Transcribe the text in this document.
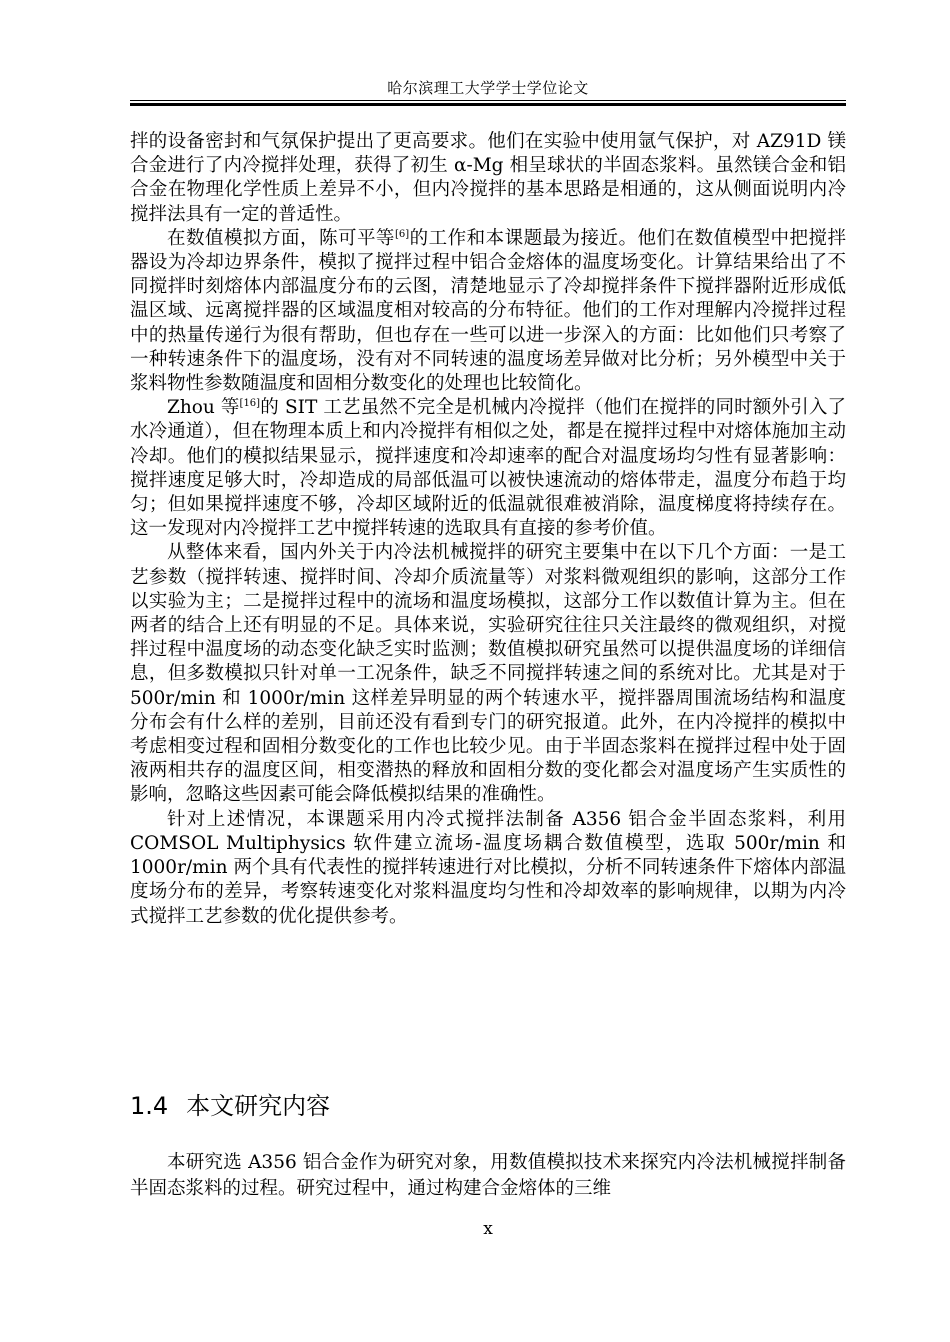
哈尔滨理工大学学士学位论文

拌的设备密封和气氛保护提出了更高要求。他们在实验中使用氩气保护，对 AZ91D 镁合金进行了内冷搅拌处理，获得了初生 α-Mg 相呈球状的半固态浆料。虽然镁合金和铝合金在物理化学性质上差异不小，但内冷搅拌的基本思路是相通的，这从侧面说明内冷搅拌法具有一定的普适性。

在数值模拟方面，陈可平等[6]的工作和本课题最为接近。他们在数值模型中把搅拌器设为冷却边界条件，模拟了搅拌过程中铝合金熔体的温度场变化。计算结果给出了不同搅拌时刻熔体内部温度分布的云图，清楚地显示了冷却搅拌条件下搅拌器附近形成低温区域、远离搅拌器的区域温度相对较高的分布特征。他们的工作对理解内冷搅拌过程中的热量传递行为很有帮助，但也存在一些可以进一步深入的方面：比如他们只考察了一种转速条件下的温度场，没有对不同转速的温度场差异做对比分析；另外模型中关于浆料物性参数随温度和固相分数变化的处理也比较简化。

Zhou 等[16]的 SIT 工艺虽然不完全是机械内冷搅拌（他们在搅拌的同时额外引入了水冷通道），但在物理本质上和内冷搅拌有相似之处，都是在搅拌过程中对熔体施加主动冷却。他们的模拟结果显示，搅拌速度和冷却速率的配合对温度场均匀性有显著影响：搅拌速度足够大时，冷却造成的局部低温可以被快速流动的熔体带走，温度分布趋于均匀；但如果搅拌速度不够，冷却区域附近的低温就很难被消除，温度梯度将持续存在。这一发现对内冷搅拌工艺中搅拌转速的选取具有直接的参考价值。

从整体来看，国内外关于内冷法机械搅拌的研究主要集中在以下几个方面：一是工艺参数（搅拌转速、搅拌时间、冷却介质流量等）对浆料微观组织的影响，这部分工作以实验为主；二是搅拌过程中的流场和温度场模拟，这部分工作以数值计算为主。但在两者的结合上还有明显的不足。具体来说，实验研究往往只关注最终的微观组织，对搅拌过程中温度场的动态变化缺乏实时监测；数值模拟研究虽然可以提供温度场的详细信息，但多数模拟只针对单一工况条件，缺乏不同搅拌转速之间的系统对比。尤其是对于 500r/min 和 1000r/min 这样差异明显的两个转速水平，搅拌器周围流场结构和温度分布会有什么样的差别，目前还没有看到专门的研究报道。此外，在内冷搅拌的模拟中考虑相变过程和固相分数变化的工作也比较少见。由于半固态浆料在搅拌过程中处于固液两相共存的温度区间，相变潜热的释放和固相分数的变化都会对温度场产生实质性的影响，忽略这些因素可能会降低模拟结果的准确性。

针对上述情况，本课题采用内冷式搅拌法制备 A356 铝合金半固态浆料，利用 COMSOL Multiphysics 软件建立流场-温度场耦合数值模型，选取 500r/min 和 1000r/min 两个具有代表性的搅拌转速进行对比模拟，分析不同转速条件下熔体内部温度场分布的差异，考察转速变化对浆料温度均匀性和冷却效率的影响规律，以期为内冷式搅拌工艺参数的优化提供参考。

1.4 本文研究内容

本研究选 A356 铝合金作为研究对象，用数值模拟技术来探究内冷法机械搅拌制备半固态浆料的过程。研究过程中，通过构建合金熔体的三维

x
